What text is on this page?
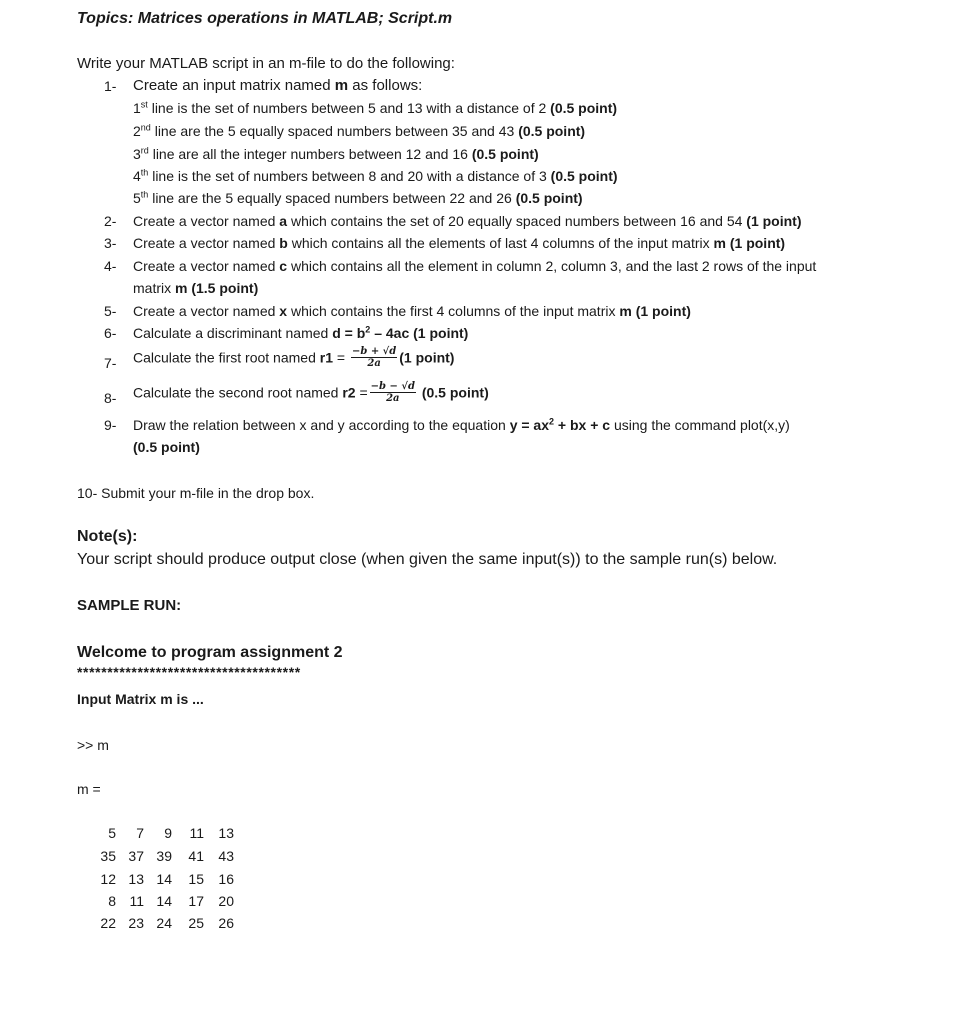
Topics: Matrices operations in MATLAB; Script.m
Write your MATLAB script in an m-file to do the following:
1- Create an input matrix named m as follows:
1st line is the set of numbers between 5 and 13 with a distance of 2 (0.5 point)
2nd line are the 5 equally spaced numbers between 35 and 43 (0.5 point)
3rd line are all the integer numbers between 12 and 16 (0.5 point)
4th line is the set of numbers between 8 and 20 with a distance of 3 (0.5 point)
5th line are the 5 equally spaced numbers between 22 and 26 (0.5 point)
2- Create a vector named a which contains the set of 20 equally spaced numbers between 16 and 54 (1 point)
3- Create a vector named b which contains all the elements of last 4 columns of the input matrix m (1 point)
4- Create a vector named c which contains all the element in column 2, column 3, and the last 2 rows of the input
matrix m (1.5 point)
5- Create a vector named x which contains the first 4 columns of the input matrix m (1 point)
6- Calculate a discriminant named $d = b^2 - 4ac$ (1 point)
7- Calculate the first root named $r1 = \frac{-b + √d}{2a} (1$ point)
8- Calculate the second root named $r2 = \frac{-b - √d}{2a} (0.5$ point)
9- Draw the relation between x and y according to the equation $y = ax^2$ + bx + c using the command plot(x,y)
(0.5 point)
10- Submit your m-file in the drop box.
Note(s):
Your script should produce output close (when given the same input(s)) to the sample run(s) below.
SAMPLE RUN:
Welcome to program assignment 2
*************************************
Input Matrix m is ...
>> m
m =
5 7 9 11 13
35 37 39 41 43
12 13 14 15 16
8 11 14 17 20
22 23 24 25 26
